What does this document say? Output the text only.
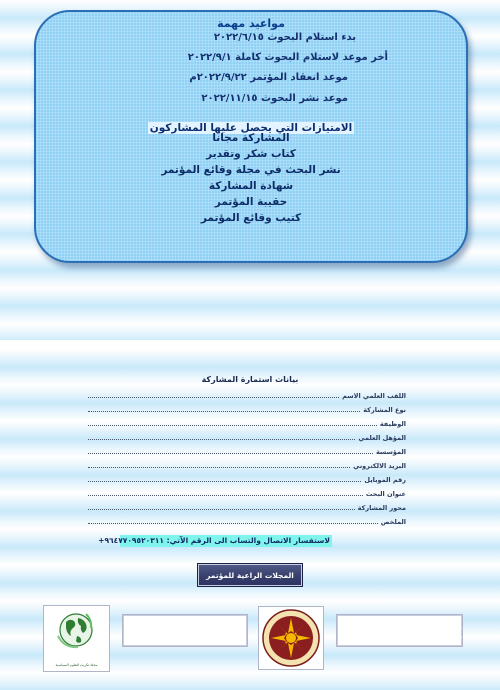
مواعيد مهمة
بدء استلام البحوث ٢٠٢٢/٦/١٥
أخر موعد لاستلام البحوث كاملة ٢٠٢٢/٩/١
موعد انعقاد المؤتمر ٢٠٢٢/٩/٢٢م
موعد نشر البحوث ٢٠٢٢/١١/١٥
الامتيازات التي يحصل عليها المشاركون
المشاركة مجانا
كتاب شكر وتقدير
نشر البحث في مجلة وقائع المؤتمر
شهادة المشاركة
حقيبة المؤتمر
كتيب وقائع المؤتمر
بيانات استمارة المشاركة
اللقب العلمي الاسم
نوع المشاركة
الوظيفة
المؤهل العلمي
المؤسسة
البريد الالكتروني
رقم الموبايل
عنوان البحث
محور المشاركة
الملخص
لاستفسار الاتصال والتساب الى الرقم الآتي: ٩٦٤٧٧٠٩٥٢٠٣١١+
المجلات الراعية للمؤتمر
مجلة تكريت للعلوم السياسية
مجلة تكريت للعلوم السياسية	مجلة سفر للعلوم الاجتماعية والانسانية
